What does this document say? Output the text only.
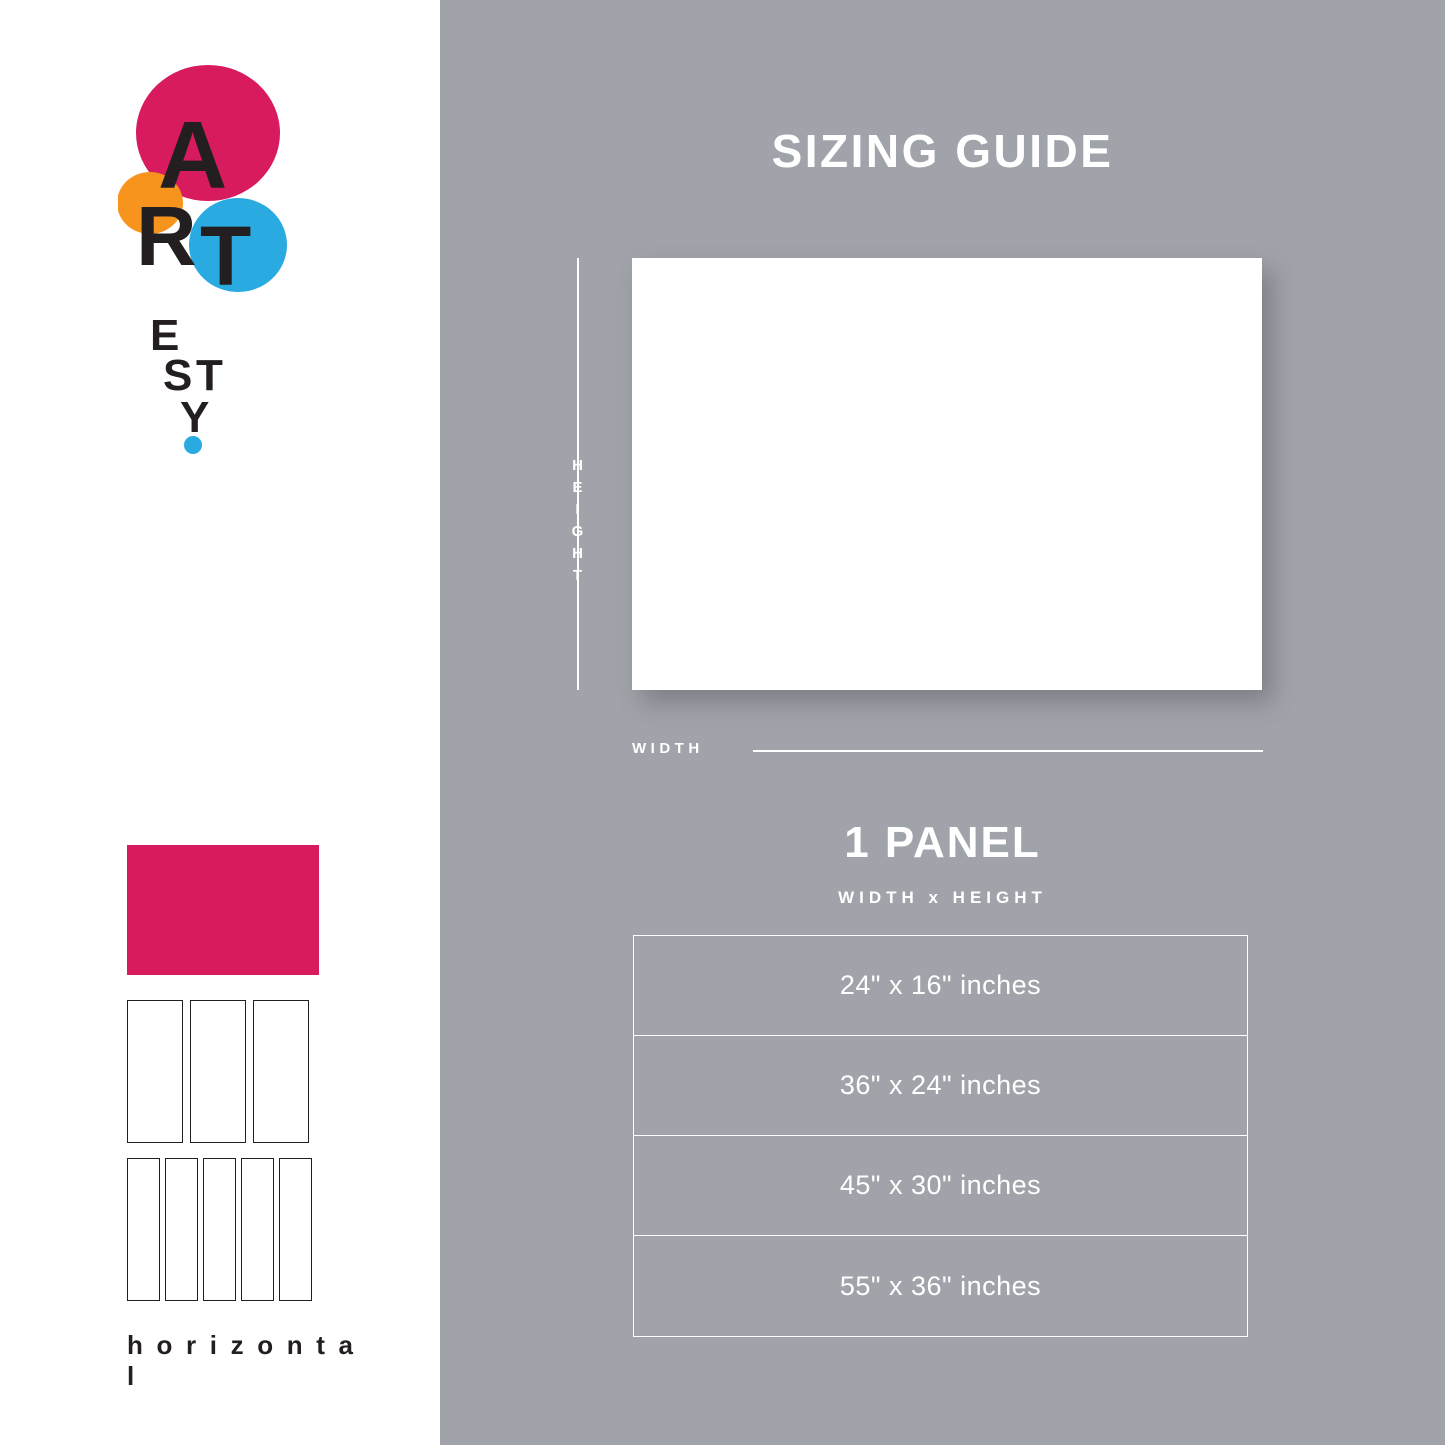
A
R T
E
S T
Y
h o r i z o n t a l
SIZING GUIDE
H
E
I
G
H
T
WIDTH
1 PANEL
WIDTH x HEIGHT
24" x 16" inches
36" x 24" inches
45" x 30" inches
55" x 36" inches
